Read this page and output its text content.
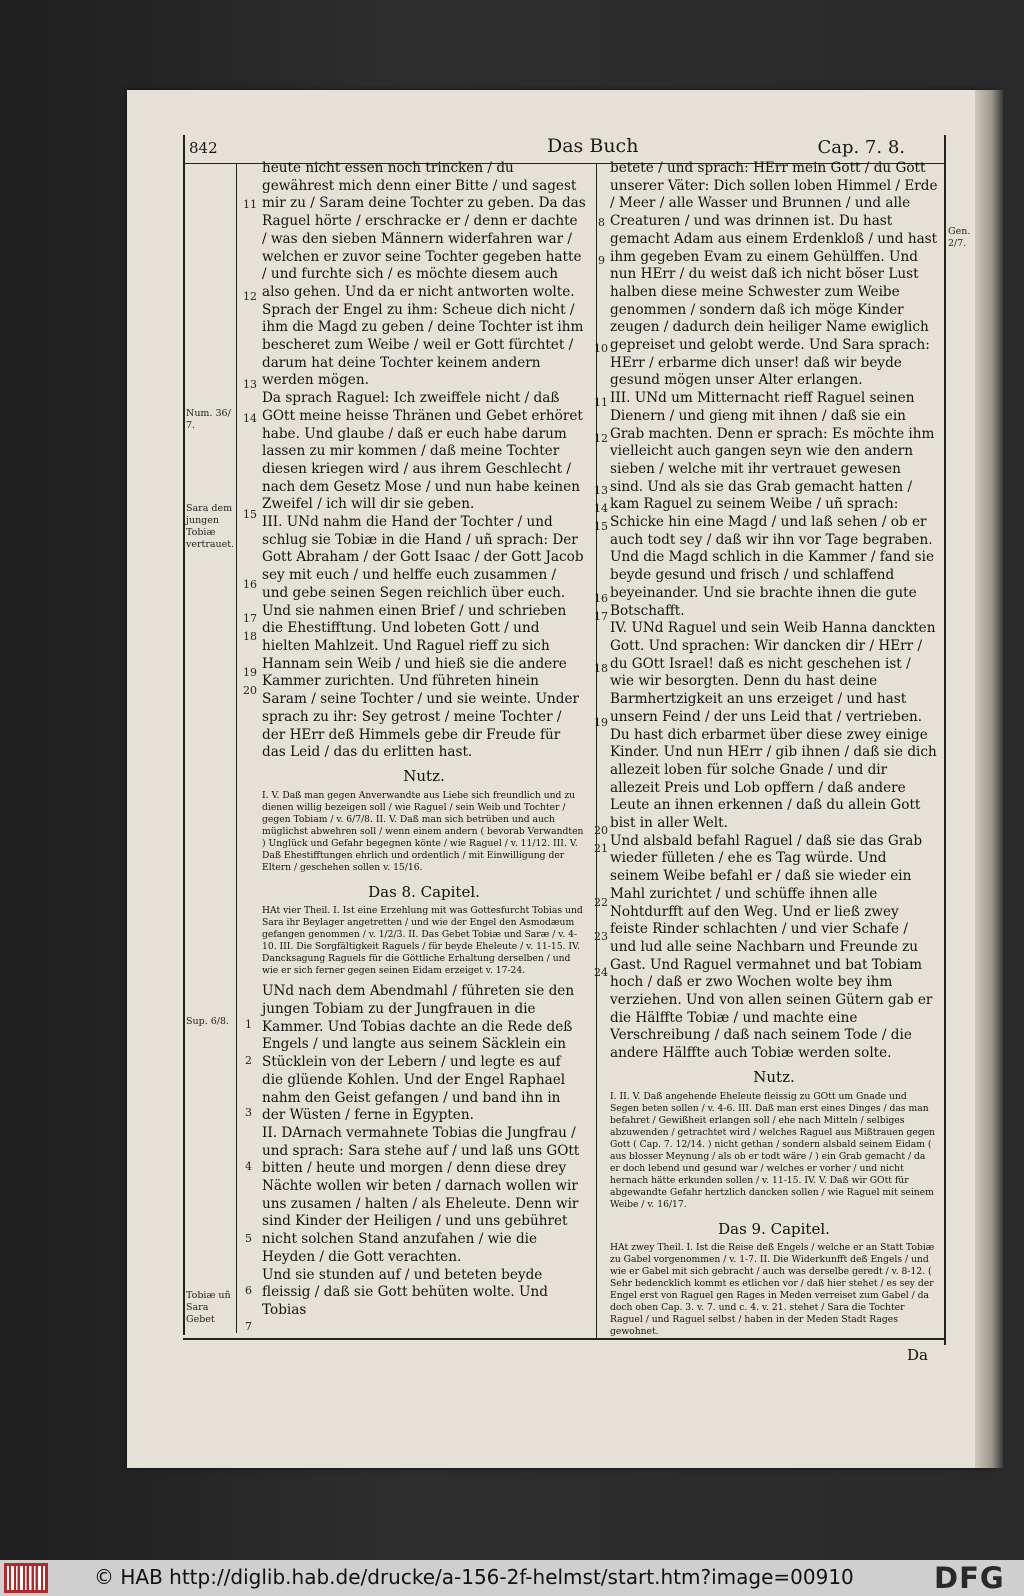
842	Das Buch	Cap. 7. 8.
Num. 36/ 7.
Sara dem jungen Tobiæ vertrauet.
Sup. 6/8.
Tobiæ uñ Sara Gebet
Gen. 2/7.
11
12
13
14
15
16
17
18
19
20
1
2
3
4
5
6
7
8
9
10
11
12
13
14
15
16
17
18
19
20
21
22
23
24

heute nicht essen noch trincken / du gewährest mich denn einer Bitte / und sagest mir zu / Saram deine Tochter zu geben. Da das Raguel hörte / erschracke er / denn er dachte / was den sieben Männern widerfahren war / welchen er zuvor seine Tochter gegeben hatte / und furchte sich / es möchte diesem auch also gehen. Und da er nicht antworten wolte. Sprach der Engel zu ihm: Scheue dich nicht / ihm die Magd zu geben / deine Tochter ist ihm bescheret zum Weibe / weil er Gott fürchtet / darum hat deine Tochter keinem andern werden mögen.

Da sprach Raguel: Ich zweiffele nicht / daß GOtt meine heisse Thränen und Gebet erhöret habe. Und glaube / daß er euch habe darum lassen zu mir kommen / daß meine Tochter diesen kriegen wird / aus ihrem Geschlecht / nach dem Gesetz Mose / und nun habe keinen Zweifel / ich will dir sie geben.

III. UNd nahm die Hand der Tochter / und schlug sie Tobiæ in die Hand / uñ sprach: Der Gott Abraham / der Gott Isaac / der Gott Jacob sey mit euch / und helffe euch zusammen / und gebe seinen Segen reichlich über euch. Und sie nahmen einen Brief / und schrieben die Ehestifftung. Und lobeten Gott / und hielten Mahlzeit. Und Raguel rieff zu sich Hannam sein Weib / und hieß sie die andere Kammer zurichten. Und führeten hinein Saram / seine Tochter / und sie weinte. Under sprach zu ihr: Sey getrost / meine Tochter / der HErr deß Himmels gebe dir Freude für das Leid / das du erlitten hast.

Nutz.
I. V. Daß man gegen Anverwandte aus Liebe sich freundlich und zu dienen willig bezeigen soll / wie Raguel / sein Weib und Tochter / gegen Tobiam / v. 6/7/8. II. V. Daß man sich betrüben und auch müglichst abwehren soll / wenn einem andern ( bevorab Verwandten ) Unglück und Gefahr begegnen könte / wie Raguel / v. 11/12. III. V. Daß Ehestifftungen ehrlich und ordentlich / mit Einwilligung der Eltern / geschehen sollen v. 15/16.
Das 8. Capitel.
HAt vier Theil. I. Ist eine Erzehlung mit was Gottesfurcht Tobias und Sara ihr Beylager angetretten / und wie der Engel den Asmodæum gefangen genommen / v. 1/2/3. II. Das Gebet Tobiæ und Saræ / v. 4-10. III. Die Sorgfältigkeit Raguels / für beyde Eheleute / v. 11-15. IV. Dancksagung Raguels für die Göttliche Erhaltung derselben / und wie er sich ferner gegen seinen Eidam erzeiget v. 17-24.

UNd nach dem Abendmahl / führeten sie den jungen Tobiam zu der Jungfrauen in die Kammer. Und Tobias dachte an die Rede deß Engels / und langte aus seinem Säcklein ein Stücklein von der Lebern / und legte es auf die glüende Kohlen. Und der Engel Raphael nahm den Geist gefangen / und band ihn in der Wüsten / ferne in Egypten.

II. DArnach vermahnete Tobias die Jungfrau / und sprach: Sara stehe auf / und laß uns GOtt bitten / heute und morgen / denn diese drey Nächte wollen wir beten / darnach wollen wir uns zusamen / halten / als Eheleute. Denn wir sind Kinder der Heiligen / und uns gebühret nicht solchen Stand anzufahen / wie die Heyden / die Gott verachten.

Und sie stunden auf / und beteten beyde fleissig / daß sie Gott behüten wolte. Und Tobias

betete / und sprach: HErr mein Gott / du Gott unserer Väter: Dich sollen loben Himmel / Erde / Meer / alle Wasser und Brunnen / und alle Creaturen / und was drinnen ist. Du hast gemacht Adam aus einem Erdenkloß / und hast ihm gegeben Evam zu einem Gehülffen. Und nun HErr / du weist daß ich nicht böser Lust halben diese meine Schwester zum Weibe genommen / sondern daß ich möge Kinder zeugen / dadurch dein heiliger Name ewiglich gepreiset und gelobt werde. Und Sara sprach: HErr / erbarme dich unser! daß wir beyde gesund mögen unser Alter erlangen.

III. UNd um Mitternacht rieff Raguel seinen Dienern / und gieng mit ihnen / daß sie ein Grab machten. Denn er sprach: Es möchte ihm vielleicht auch gangen seyn wie den andern sieben / welche mit ihr vertrauet gewesen sind. Und als sie das Grab gemacht hatten / kam Raguel zu seinem Weibe / uñ sprach: Schicke hin eine Magd / und laß sehen / ob er auch todt sey / daß wir ihn vor Tage begraben. Und die Magd schlich in die Kammer / fand sie beyde gesund und frisch / und schlaffend beyeinander. Und sie brachte ihnen die gute Botschafft.

IV. UNd Raguel und sein Weib Hanna danckten Gott. Und sprachen: Wir dancken dir / HErr / du GOtt Israel! daß es nicht geschehen ist / wie wir besorgten. Denn du hast deine Barmhertzigkeit an uns erzeiget / und hast unsern Feind / der uns Leid that / vertrieben. Du hast dich erbarmet über diese zwey einige Kinder. Und nun HErr / gib ihnen / daß sie dich allezeit loben für solche Gnade / und dir allezeit Preis und Lob opffern / daß andere Leute an ihnen erkennen / daß du allein Gott bist in aller Welt.

Und alsbald befahl Raguel / daß sie das Grab wieder fülleten / ehe es Tag würde. Und seinem Weibe befahl er / daß sie wieder ein Mahl zurichtet / und schüffe ihnen alle Nohtdurfft auf den Weg. Und er ließ zwey feiste Rinder schlachten / und vier Schafe / und lud alle seine Nachbarn und Freunde zu Gast. Und Raguel vermahnet und bat Tobiam hoch / daß er zwo Wochen wolte bey ihm verziehen. Und von allen seinen Gütern gab er die Hälffte Tobiæ / und machte eine Verschreibung / daß nach seinem Tode / die andere Hälffte auch Tobiæ werden solte.

Nutz.
I. II. V. Daß angehende Eheleute fleissig zu GOtt um Gnade und Segen beten sollen / v. 4-6. III. Daß man erst eines Dinges / das man befahret / Gewißheit erlangen soll / ehe nach Mitteln / selbiges abzuwenden / getrachtet wird / welches Raguel aus Mißtrauen gegen Gott ( Cap. 7. 12/14. ) nicht gethan / sondern alsbald seinem Eidam ( aus blosser Meynung / als ob er todt wäre / ) ein Grab gemacht / da er doch lebend und gesund war / welches er vorher / und nicht hernach hätte erkunden sollen / v. 11-15. IV. V. Daß wir GOtt für abgewandte Gefahr hertzlich dancken sollen / wie Raguel mit seinem Weibe / v. 16/17.
Das 9. Capitel.
HAt zwey Theil. I. Ist die Reise deß Engels / welche er an Statt Tobiæ zu Gabel vorgenommen / v. 1-7. II. Die Widerkunfft deß Engels / und wie er Gabel mit sich gebracht / auch was derselbe geredt / v. 8-12. ( Sehr bedencklich kommt es etlichen vor / daß hier stehet / es sey der Engel erst von Raguel gen Rages in Meden verreiset zum Gabel / da doch oben Cap. 3. v. 7. und c. 4. v. 21. stehet / Sara die Tochter Raguel / und Raguel selbst / haben in der Meden Stadt Rages gewohnet.
Da
© HAB http://diglib.hab.de/drucke/a-156-2f-helmst/start.htm?image=00910	DFG
